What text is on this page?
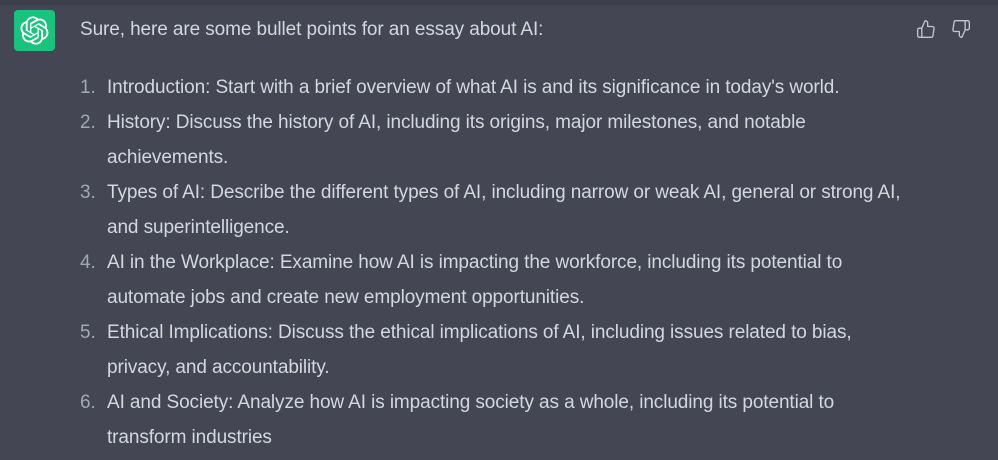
Sure, here are some bullet points for an essay about AI:

1. Introduction: Start with a brief overview of what AI is and its significance in today's world.
2. History: Discuss the history of AI, including its origins, major milestones, and notable achievements.
3. Types of AI: Describe the different types of AI, including narrow or weak AI, general or strong AI, and superintelligence.
4. AI in the Workplace: Examine how AI is impacting the workforce, including its potential to automate jobs and create new employment opportunities.
5. Ethical Implications: Discuss the ethical implications of AI, including issues related to bias, privacy, and accountability.
6. AI and Society: Analyze how AI is impacting society as a whole, including its potential to transform industries
